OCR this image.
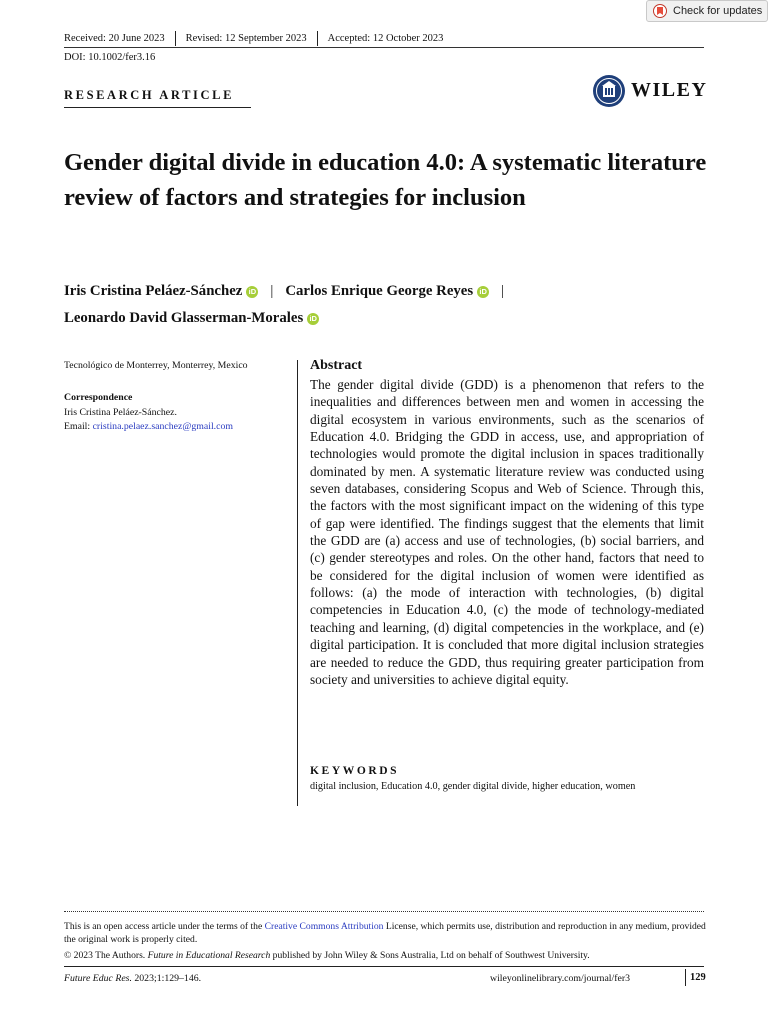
Check for updates
Received: 20 June 2023 Revised: 12 September 2023 Accepted: 12 October 2023
DOI: 10.1002/fer3.16
RESEARCH ARTICLE	WILEY
Gender digital divide in education 4.0: A systematic literature review of factors and strategies for inclusion
Iris Cristina Peláez-Sánchez iD | Carlos Enrique George Reyes iD |
Leonardo David Glasserman-Morales iD
Tecnológico de Monterrey, Monterrey, Mexico
Correspondence
Iris Cristina Peláez-Sánchez.
Email: cristina.pelaez.sanchez@gmail.com
Abstract

The gender digital divide (GDD) is a phenomenon that refers to the inequalities and differences between men and women in accessing the digital ecosystem in various environments, such as the scenarios of Education 4.0. Bridging the GDD in access, use, and appropriation of technologies would promote the digital inclusion in spaces traditionally dominated by men. A systematic literature review was conducted using seven databases, considering Scopus and Web of Science. Through this, the factors with the most significant impact on the widening of this type of gap were identified. The findings suggest that the elements that limit the GDD are (a) access and use of technologies, (b) social barriers, and (c) gender stereotypes and roles. On the other hand, factors that need to be considered for the digital inclusion of women were identified as follows: (a) the mode of interaction with technologies, (b) digital competencies in Education 4.0, (c) the mode of technology-mediated teaching and learning, (d) digital competencies in the workplace, and (e) digital participation. It is concluded that more digital inclusion strategies are needed to reduce the GDD, thus requiring greater participation from society and universities to achieve digital equity.

KEYWORDS
digital inclusion, Education 4.0, gender digital divide, higher education, women
This is an open access article under the terms of the Creative Commons Attribution License, which permits use, distribution and reproduction in any medium, provided the original work is properly cited.
© 2023 The Authors. Future in Educational Research published by John Wiley & Sons Australia, Ltd on behalf of Southwest University.
Future Educ Res. 2023;1:129–146.	wileyonlinelibrary.com/journal/fer3	129
